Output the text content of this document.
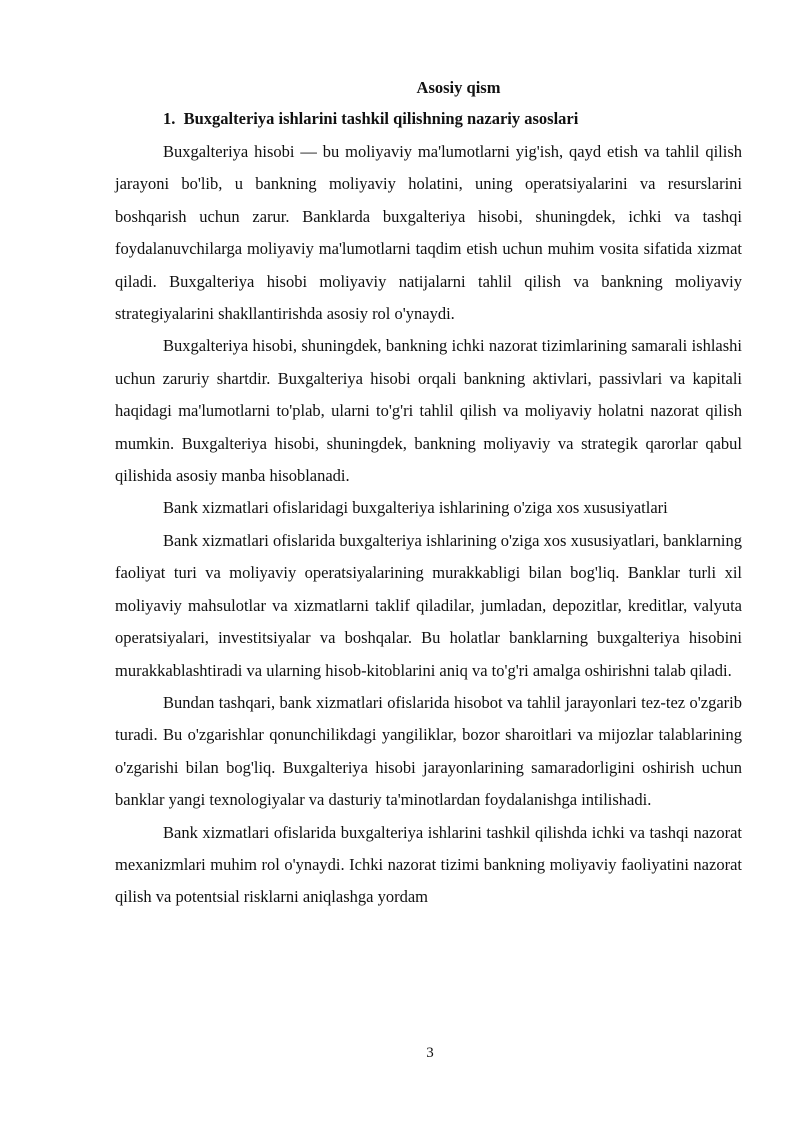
Asosiy qism
1. Buxgalteriya ishlarini tashkil qilishning nazariy asoslari

Buxgalteriya hisobi — bu moliyaviy ma'lumotlarni yig'ish, qayd etish va tahlil qilish jarayoni bo'lib, u bankning moliyaviy holatini, uning operatsiyalarini va resurslarini boshqarish uchun zarur. Banklarda buxgalteriya hisobi, shuningdek, ichki va tashqi foydalanuvchilarga moliyaviy ma'lumotlarni taqdim etish uchun muhim vosita sifatida xizmat qiladi. Buxgalteriya hisobi moliyaviy natijalarni tahlil qilish va bankning moliyaviy strategiyalarini shakllantirishda asosiy rol o'ynaydi.

Buxgalteriya hisobi, shuningdek, bankning ichki nazorat tizimlarining samarali ishlashi uchun zaruriy shartdir. Buxgalteriya hisobi orqali bankning aktivlari, passivlari va kapitali haqidagi ma'lumotlarni to'plab, ularni to'g'ri tahlil qilish va moliyaviy holatni nazorat qilish mumkin. Buxgalteriya hisobi, shuningdek, bankning moliyaviy va strategik qarorlar qabul qilishida asosiy manba hisoblanadi.

Bank xizmatlari ofislaridagi buxgalteriya ishlarining o'ziga xos xususiyatlari

Bank xizmatlari ofislarida buxgalteriya ishlarining o'ziga xos xususiyatlari, banklarning faoliyat turi va moliyaviy operatsiyalarining murakkabligi bilan bog'liq. Banklar turli xil moliyaviy mahsulotlar va xizmatlarni taklif qiladilar, jumladan, depozitlar, kreditlar, valyuta operatsiyalari, investitsiyalar va boshqalar. Bu holatlar banklarning buxgalteriya hisobini murakkablashtiradi va ularning hisob-kitoblarini aniq va to'g'ri amalga oshirishni talab qiladi.

Bundan tashqari, bank xizmatlari ofislarida hisobot va tahlil jarayonlari tez-tez o'zgarib turadi. Bu o'zgarishlar qonunchilikdagi yangiliklar, bozor sharoitlari va mijozlar talablarining o'zgarishi bilan bog'liq. Buxgalteriya hisobi jarayonlarining samaradorligini oshirish uchun banklar yangi texnologiyalar va dasturiy ta'minotlardan foydalanishga intilishadi.

Bank xizmatlari ofislarida buxgalteriya ishlarini tashkil qilishda ichki va tashqi nazorat mexanizmlari muhim rol o'ynaydi. Ichki nazorat tizimi bankning moliyaviy faoliyatini nazorat qilish va potentsial risklarni aniqlashga yordam

3
